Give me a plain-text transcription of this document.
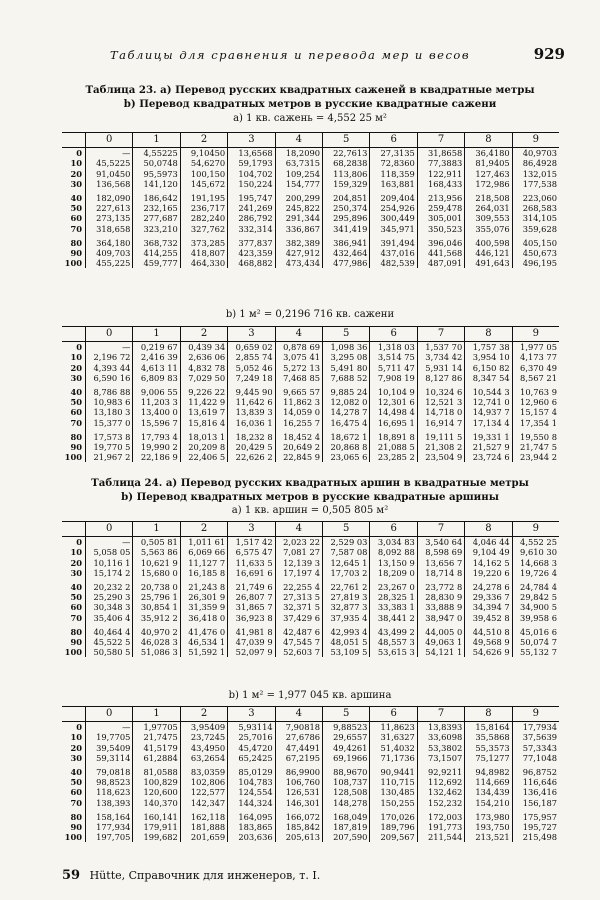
Таблицы для сравнения и перевода мер и весов	929
Таблица 23. a) Перевод русских квадратных саженей в квадратные метры
b) Перевод квадратных метров в русские квадратные сажени
a) 1 кв. сажень = 4,552 25 м²
	0	1	2	3	4	5	6	7	8	9
0	—	4,55225	9,10450	13,6568	18,2090	22,7613	27,3135	31,8658	36,4180	40,9703
10	45,5225	50,0748	54,6270	59,1793	63,7315	68,2838	72,8360	77,3883	81,9405	86,4928
20	91,0450	95,5973	100,150	104,702	109,254	113,806	118,359	122,911	127,463	132,015
30	136,568	141,120	145,672	150,224	154,777	159,329	163,881	168,433	172,986	177,538
40	182,090	186,642	191,195	195,747	200,299	204,851	209,404	213,956	218,508	223,060
50	227,613	232,165	236,717	241,269	245,822	250,374	254,926	259,478	264,031	268,583
60	273,135	277,687	282,240	286,792	291,344	295,896	300,449	305,001	309,553	314,105
70	318,658	323,210	327,762	332,314	336,867	341,419	345,971	350,523	355,076	359,628
80	364,180	368,732	373,285	377,837	382,389	386,941	391,494	396,046	400,598	405,150
90	409,703	414,255	418,807	423,359	427,912	432,464	437,016	441,568	446,121	450,673
100	455,225	459,777	464,330	468,882	473,434	477,986	482,539	487,091	491,643	496,195
b) 1 м² = 0,2196 716 кв. сажени
	0	1	2	3	4	5	6	7	8	9
0	—	0,219 67	0,439 34	0,659 02	0,878 69	1,098 36	1,318 03	1,537 70	1,757 38	1,977 05
10	2,196 72	2,416 39	2,636 06	2,855 74	3,075 41	3,295 08	3,514 75	3,734 42	3,954 10	4,173 77
20	4,393 44	4,613 11	4,832 78	5,052 46	5,272 13	5,491 80	5,711 47	5,931 14	6,150 82	6,370 49
30	6,590 16	6,809 83	7,029 50	7,249 18	7,468 85	7,688 52	7,908 19	8,127 86	8,347 54	8,567 21
40	8,786 88	9,006 55	9,226 22	9,445 90	9,665 57	9,885 24	10,104 9	10,324 6	10,544 3	10,763 9
50	10,983 6	11,203 3	11,422 9	11,642 6	11,862 3	12,082 0	12,301 6	12,521 3	12,741 0	12,960 6
60	13,180 3	13,400 0	13,619 7	13,839 3	14,059 0	14,278 7	14,498 4	14,718 0	14,937 7	15,157 4
70	15,377 0	15,596 7	15,816 4	16,036 1	16,255 7	16,475 4	16,695 1	16,914 7	17,134 4	17,354 1
80	17,573 8	17,793 4	18,013 1	18,232 8	18,452 4	18,672 1	18,891 8	19,111 5	19,331 1	19,550 8
90	19,770 5	19,990 2	20,209 8	20,429 5	20,649 2	20,868 8	21,088 5	21,308 2	21,527 9	21,747 5
100	21,967 2	22,186 9	22,406 5	22,626 2	22,845 9	23,065 6	23,285 2	23,504 9	23,724 6	23,944 2
Таблица 24. a) Перевод русских квадратных аршин в квадратные метры
b) Перевод квадратных метров в русские квадратные аршины
a) 1 кв. аршин = 0,505 805 м²
	0	1	2	3	4	5	6	7	8	9
0	—	0,505 81	1,011 61	1,517 42	2,023 22	2,529 03	3,034 83	3,540 64	4,046 44	4,552 25
10	5,058 05	5,563 86	6,069 66	6,575 47	7,081 27	7,587 08	8,092 88	8,598 69	9,104 49	9,610 30
20	10,116 1	10,621 9	11,127 7	11,633 5	12,139 3	12,645 1	13,150 9	13,656 7	14,162 5	14,668 3
30	15,174 2	15,680 0	16,185 8	16,691 6	17,197 4	17,703 2	18,209 0	18,714 8	19,220 6	19,726 4
40	20,232 2	20,738 0	21,243 8	21,749 6	22,255 4	22,761 2	23,267 0	23,772 8	24,278 6	24,784 4
50	25,290 3	25,796 1	26,301 9	26,807 7	27,313 5	27,819 3	28,325 1	28,830 9	29,336 7	29,842 5
60	30,348 3	30,854 1	31,359 9	31,865 7	32,371 5	32,877 3	33,383 1	33,888 9	34,394 7	34,900 5
70	35,406 4	35,912 2	36,418 0	36,923 8	37,429 6	37,935 4	38,441 2	38,947 0	39,452 8	39,958 6
80	40,464 4	40,970 2	41,476 0	41,981 8	42,487 6	42,993 4	43,499 2	44,005 0	44,510 8	45,016 6
90	45,522 5	46,028 3	46,534 1	47,039 9	47,545 7	48,051 5	48,557 3	49,063 1	49,568 9	50,074 7
100	50,580 5	51,086 3	51,592 1	52,097 9	52,603 7	53,109 5	53,615 3	54,121 1	54,626 9	55,132 7
b) 1 м² = 1,977 045 кв. аршина
	0	1	2	3	4	5	6	7	8	9
0	—	1,97705	3,95409	5,93114	7,90818	9,88523	11,8623	13,8393	15,8164	17,7934
10	19,7705	21,7475	23,7245	25,7016	27,6786	29,6557	31,6327	33,6098	35,5868	37,5639
20	39,5409	41,5179	43,4950	45,4720	47,4491	49,4261	51,4032	53,3802	55,3573	57,3343
30	59,3114	61,2884	63,2654	65,2425	67,2195	69,1966	71,1736	73,1507	75,1277	77,1048
40	79,0818	81,0588	83,0359	85,0129	86,9900	88,9670	90,9441	92,9211	94,8982	96,8752
50	98,8523	100,829	102,806	104,783	106,760	108,737	110,715	112,692	114,669	116,646
60	118,623	120,600	122,577	124,554	126,531	128,508	130,485	132,462	134,439	136,416
70	138,393	140,370	142,347	144,324	146,301	148,278	150,255	152,232	154,210	156,187
80	158,164	160,141	162,118	164,095	166,072	168,049	170,026	172,003	173,980	175,957
90	177,934	179,911	181,888	183,865	185,842	187,819	189,796	191,773	193,750	195,727
100	197,705	199,682	201,659	203,636	205,613	207,590	209,567	211,544	213,521	215,498
59 Hütte, Справочник для инженеров, т. I.
